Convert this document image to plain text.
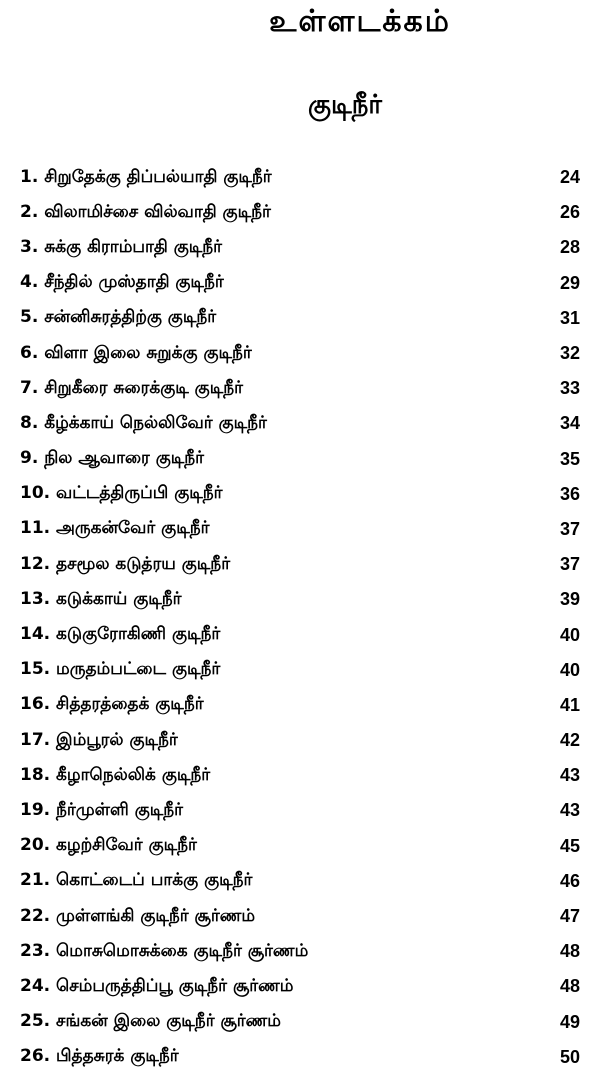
உள்ளடக்கம்
குடிநீர்
1. சிறுதேக்கு திப்பல்யாதி குடிநீர்	24
2. விலாமிச்சை வில்வாதி குடிநீர்	26
3. சுக்கு கிராம்பாதி குடிநீர்	28
4. சீந்தில் முஸ்தாதி குடிநீர்	29
5. சன்னிசுரத்திற்கு குடிநீர்	31
6. விளா இலை சுறுக்கு குடிநீர்	32
7. சிறுகீரை சுரைக்குடி குடிநீர்	33
8. கீழ்க்காய் நெல்லிவேர் குடிநீர்	34
9. நில ஆவாரை குடிநீர்	35
10. வட்டத்திருப்பி குடிநீர்	36
11. அருகன்வேர் குடிநீர்	37
12. தசமூல கடுத்ரய குடிநீர்	37
13. கடுக்காய் குடிநீர்	39
14. கடுகுரோகிணி குடிநீர்	40
15. மருதம்பட்டை குடிநீர்	40
16. சித்தரத்தைக் குடிநீர்	41
17. இம்பூரல் குடிநீர்	42
18. கீழாநெல்லிக் குடிநீர்	43
19. நீர்முள்ளி குடிநீர்	43
20. கழற்சிவேர் குடிநீர்	45
21. கொட்டைப் பாக்கு குடிநீர்	46
22. முள்ளங்கி குடிநீர் சூர்ணம்	47
23. மொசுமொசுக்கை குடிநீர் சூர்ணம்	48
24. செம்பருத்திப்பூ குடிநீர் சூர்ணம்	48
25. சங்கன் இலை குடிநீர் சூர்ணம்	49
26. பித்தசுரக் குடிநீர்	50
